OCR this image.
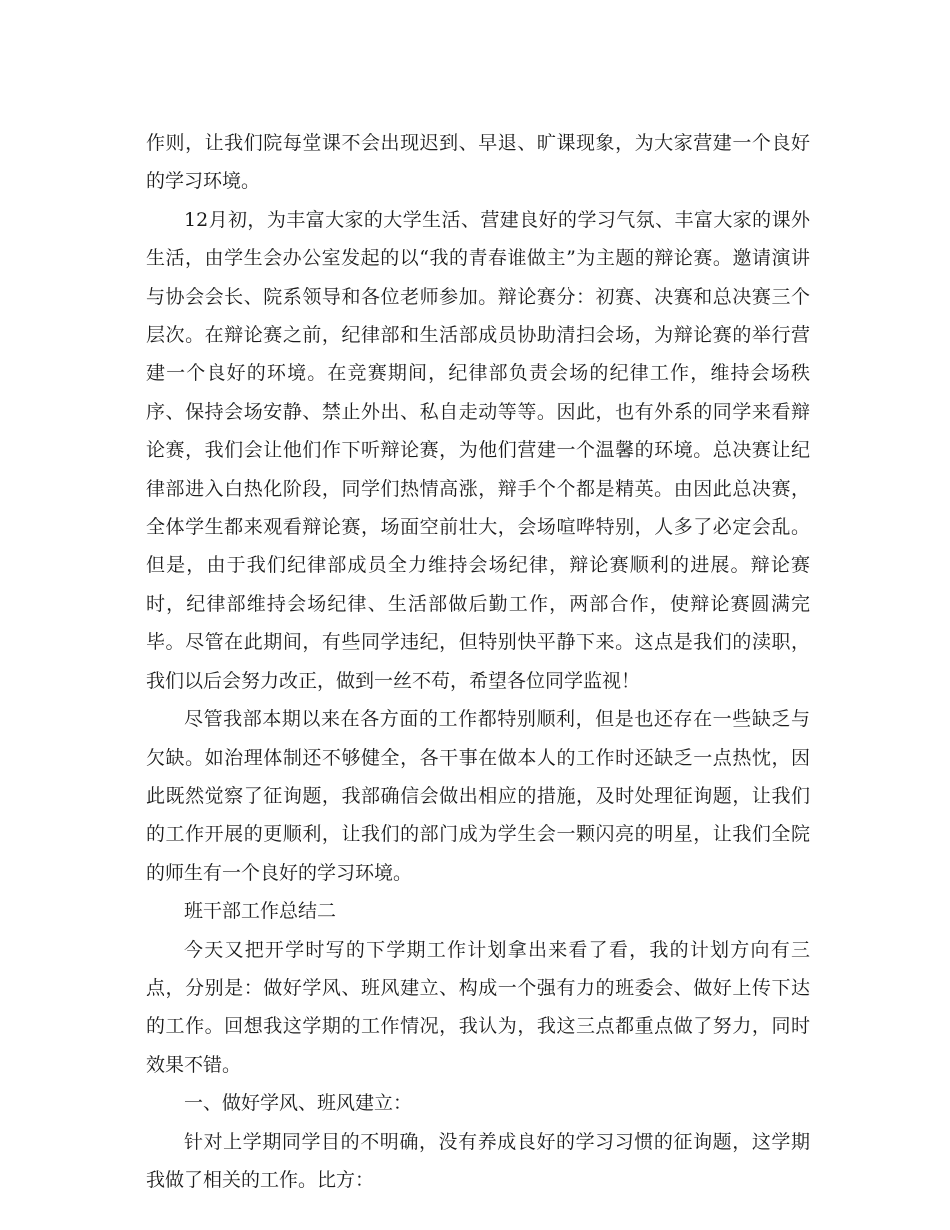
作则，让我们院每堂课不会出现迟到、早退、旷课现象，为大家营建一个良好的学习环境。

12月初，为丰富大家的大学生活、营建良好的学习气氛、丰富大家的课外生活，由学生会办公室发起的以“我的青春谁做主”为主题的辩论赛。邀请演讲与协会会长、院系领导和各位老师参加。辩论赛分：初赛、决赛和总决赛三个层次。在辩论赛之前，纪律部和生活部成员协助清扫会场，为辩论赛的举行营建一个良好的环境。在竞赛期间，纪律部负责会场的纪律工作，维持会场秩序、保持会场安静、禁止外出、私自走动等等。因此，也有外系的同学来看辩论赛，我们会让他们作下听辩论赛，为他们营建一个温馨的环境。总决赛让纪律部进入白热化阶段，同学们热情高涨，辩手个个都是精英。由因此总决赛，全体学生都来观看辩论赛，场面空前壮大，会场喧哗特别，人多了必定会乱。但是，由于我们纪律部成员全力维持会场纪律，辩论赛顺利的进展。辩论赛时，纪律部维持会场纪律、生活部做后勤工作，两部合作，使辩论赛圆满完毕。尽管在此期间，有些同学违纪，但特别快平静下来。这点是我们的渎职，我们以后会努力改正，做到一丝不苟，希望各位同学监视！

尽管我部本期以来在各方面的工作都特别顺利，但是也还存在一些缺乏与欠缺。如治理体制还不够健全，各干事在做本人的工作时还缺乏一点热忱，因此既然觉察了征询题，我部确信会做出相应的措施，及时处理征询题，让我们的工作开展的更顺利，让我们的部门成为学生会一颗闪亮的明星，让我们全院的师生有一个良好的学习环境。

班干部工作总结二

今天又把开学时写的下学期工作计划拿出来看了看，我的计划方向有三点，分别是：做好学风、班风建立、构成一个强有力的班委会、做好上传下达的工作。回想我这学期的工作情况，我认为，我这三点都重点做了努力，同时效果不错。

一、做好学风、班风建立：

针对上学期同学目的不明确，没有养成良好的学习习惯的征询题，这学期我做了相关的工作。比方：
